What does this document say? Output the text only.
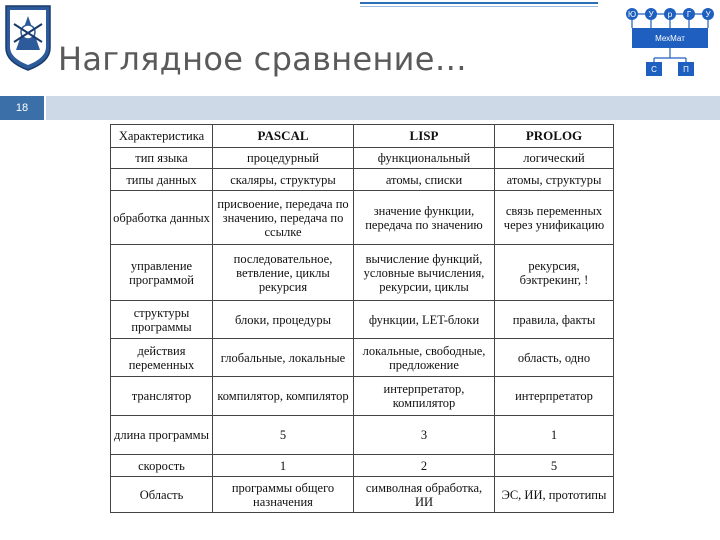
Наглядное сравнение…
Ю У р Г У
МехМат
С	П
18
Характеристика	PASCAL	LISP	PROLOG
тип языка	процедурный	функциональный	логический
типы данных	скаляры, структуры	атомы, списки	атомы, структуры
обработка данных	присвоение, передача по значению, передача по ссылке	значение функции, передача по значению	связь переменных через унификацию
управление программой	последовательное, ветвление, циклы рекурсия	вычисление функций, условные вычисления, рекурсии, циклы	рекурсия, бэктрекинг, !
структуры программы	блоки, процедуры	функции, LET-блоки	правила, факты
действия переменных	глобальные, локальные	локальные, свободные, предложение	область, одно
транслятор	компилятор, компилятор	интерпретатор, компилятор	интерпретатор
длина программы	5	3	1
скорость	1	2	5
Область	программы общего назначения	символная обработка, ИИ	ЭС, ИИ, прототипы
